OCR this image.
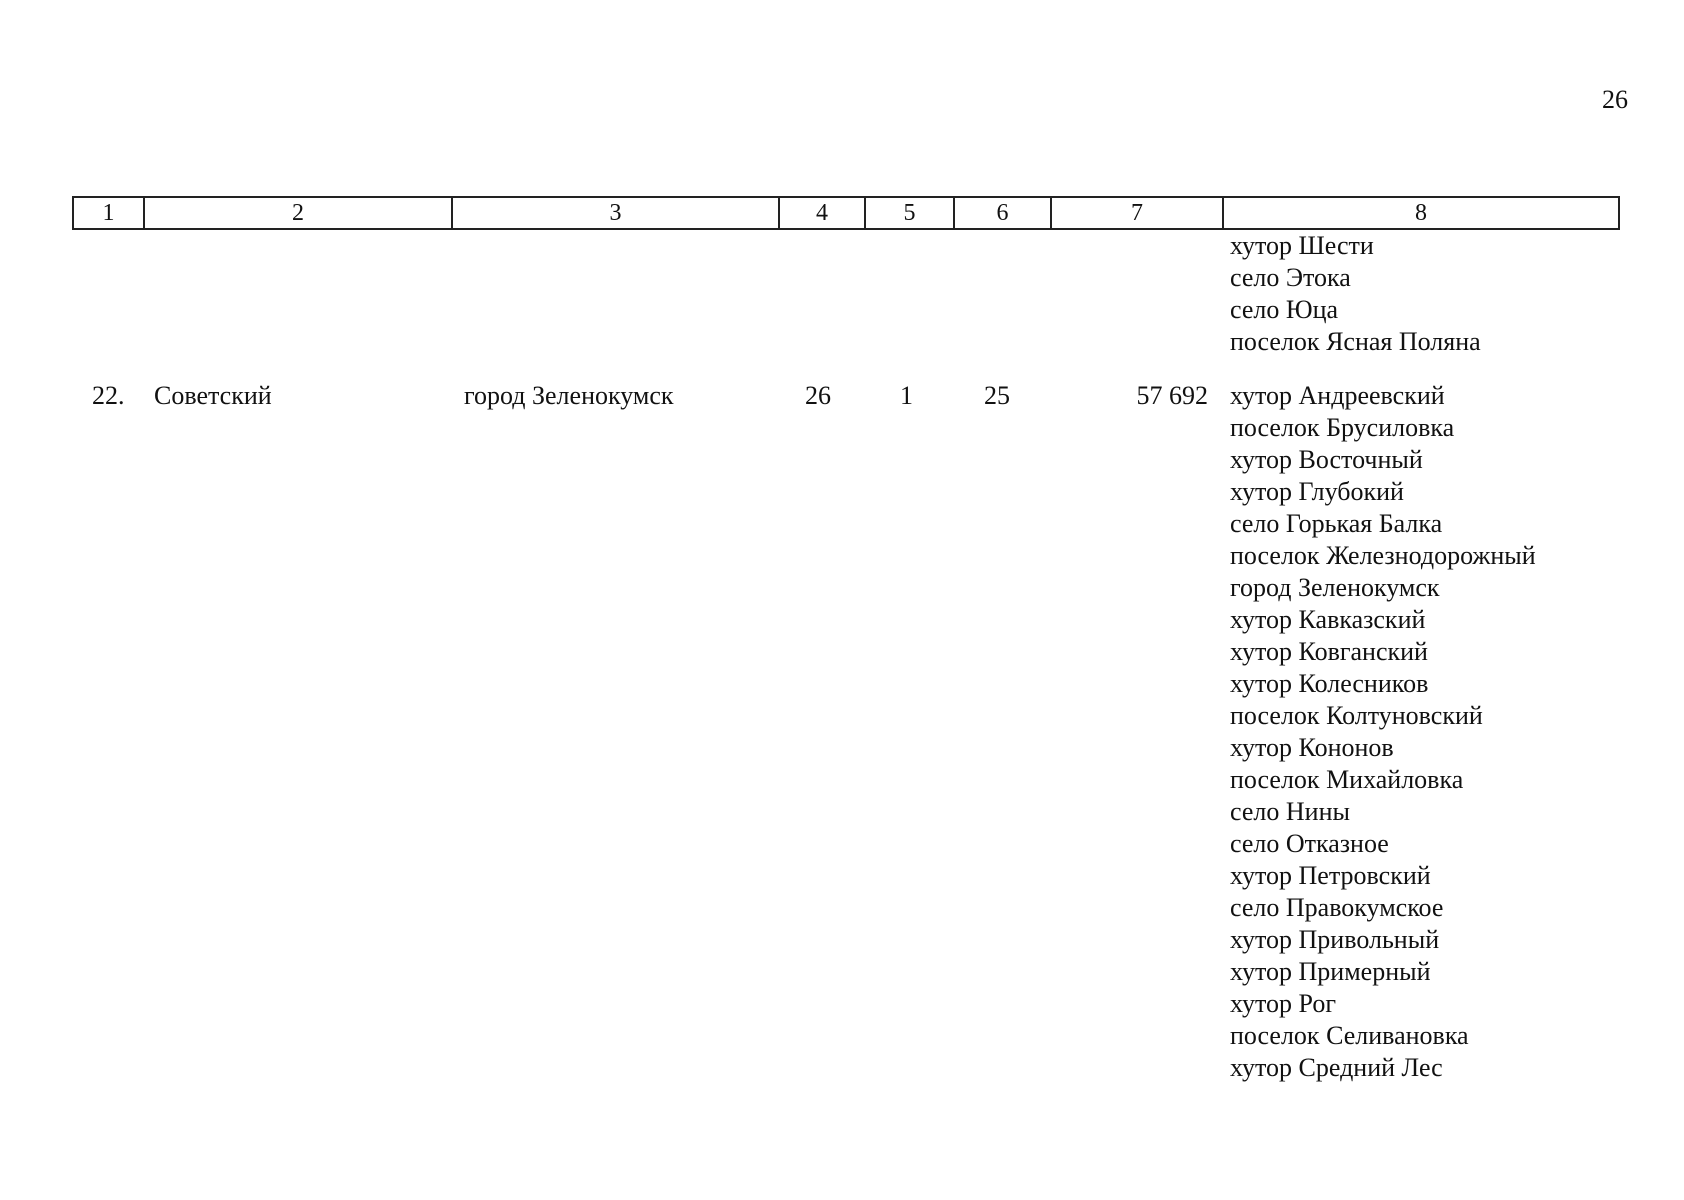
26
1	2	3	4	5	6	7	8
хутор Шести
село Этока
село Юца
поселок Ясная Поляна
22. Советский	город Зеленокумск	26	1	25	57 692 хутор Андреевский
поселок Брусиловка
хутор Восточный
хутор Глубокий
село Горькая Балка
поселок Железнодорожный
город Зеленокумск
хутор Кавказский
хутор Ковганский
хутор Колесников
поселок Колтуновский
хутор Кононов
поселок Михайловка
село Нины
село Отказное
хутор Петровский
село Правокумское
хутор Привольный
хутор Примерный
хутор Рог
поселок Селивановка
хутор Средний Лес
